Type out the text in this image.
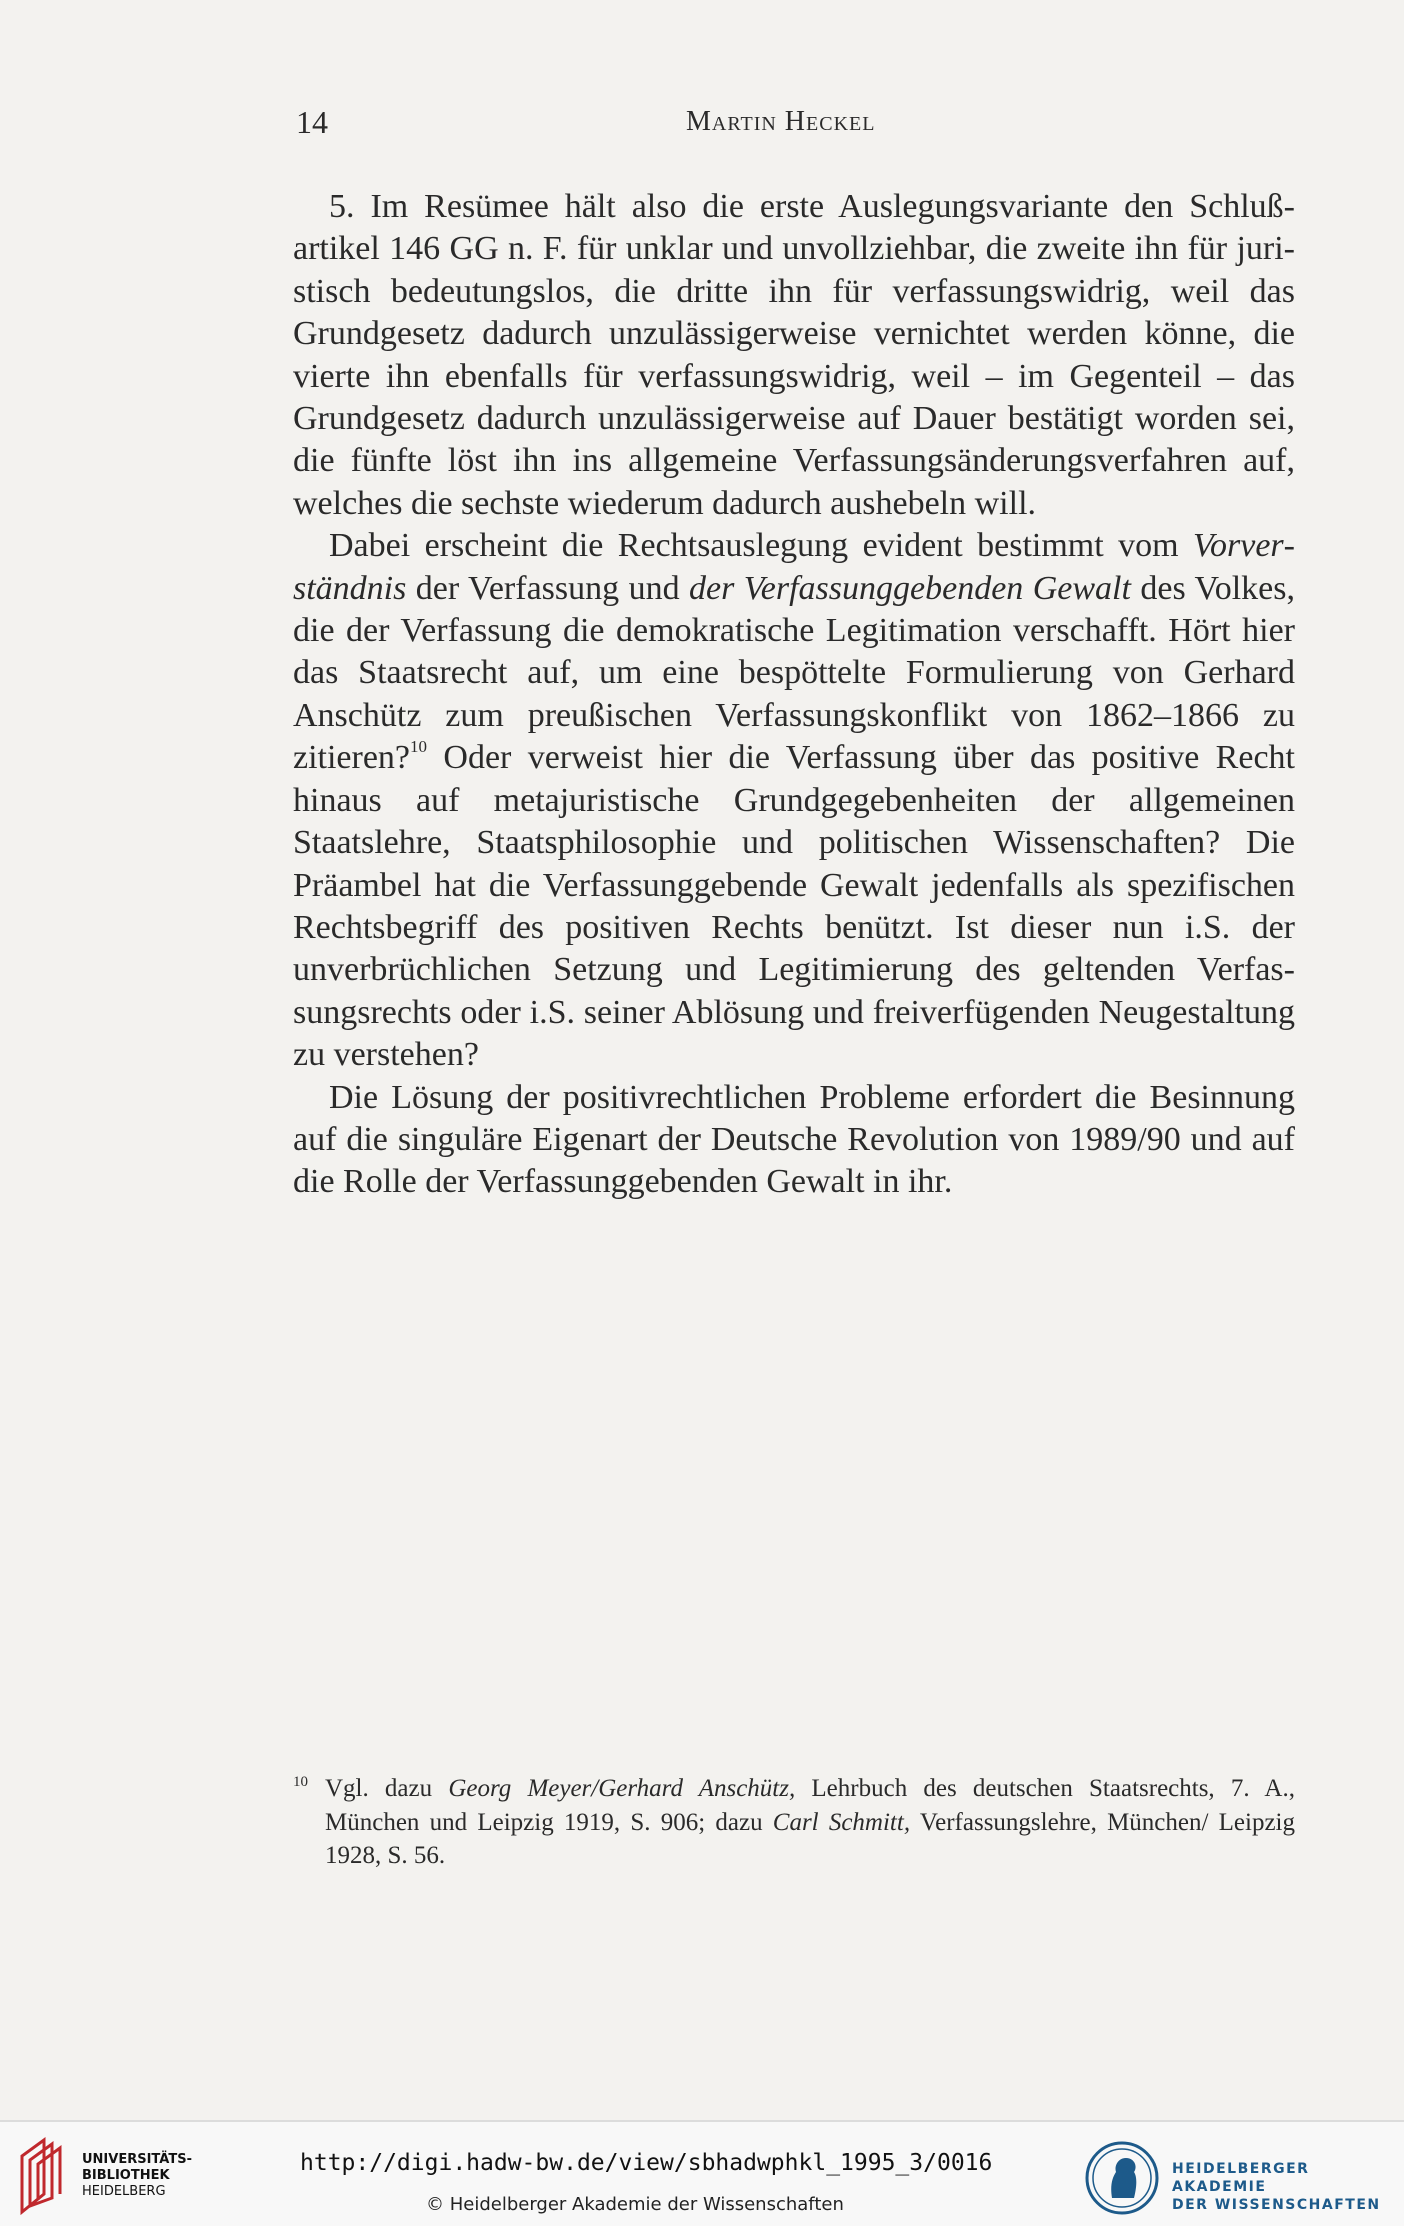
14	Martin Heckel

5. Im Resümee hält also die erste Auslegungsvariante den Schlußartikel 146 GG n. F. für unklar und unvollziehbar, die zweite ihn für juristisch bedeutungslos, die dritte ihn für verfassungswidrig, weil das Grundgesetz dadurch unzulässigerweise vernichtet werden könne, die vierte ihn ebenfalls für verfassungswidrig, weil – im Gegenteil – das Grundgesetz dadurch unzulässigerweise auf Dauer bestätigt worden sei, die fünfte löst ihn ins allgemeine Verfassungsänderungsverfahren auf, welches die sechste wiederum dadurch aushebeln will.

Dabei erscheint die Rechtsauslegung evident bestimmt vom Vorverständnis der Verfassung und der Verfassunggebenden Gewalt des Volkes, die der Verfassung die demokratische Legitimation verschafft. Hört hier das Staatsrecht auf, um eine bespöttelte Formulierung von Gerhard Anschütz zum preußischen Verfassungskonflikt von 1862–1866 zu zitieren?$^{10}$ Oder verweist hier die Verfassung über das positive Recht hinaus auf metajuristische Grundgegebenheiten der allgemeinen Staatslehre, Staatsphilosophie und politischen Wissenschaften? Die Präambel hat die Verfassunggebende Gewalt jedenfalls als spezifischen Rechtsbegriff des positiven Rechts benützt. Ist dieser nun i.S. der unverbrüchlichen Setzung und Legitimierung des geltenden Verfassungsrechts oder i.S. seiner Ablösung und freiverfügenden Neugestaltung zu verstehen?

Die Lösung der positivrechtlichen Probleme erfordert die Besinnung auf die singuläre Eigenart der Deutsche Revolution von 1989/90 und auf die Rolle der Verfassunggebenden Gewalt in ihr.

10 Vgl. dazu Georg Meyer/Gerhard Anschütz, Lehrbuch des deutschen Staatsrechts, 7. A., München und Leipzig 1919, S. 906; dazu Carl Schmitt, Verfassungslehre, München/ Leipzig 1928, S. 56.
UNIVERSITÄTS-
BIBLIOTHEK
HEIDELBERG
http://digi.hadw-bw.de/view/sbhadwphkl_1995_3/0016
© Heidelberger Akademie der Wissenschaften
HEIDELBERGER AKADEMIE
DER WISSENSCHAFTEN
